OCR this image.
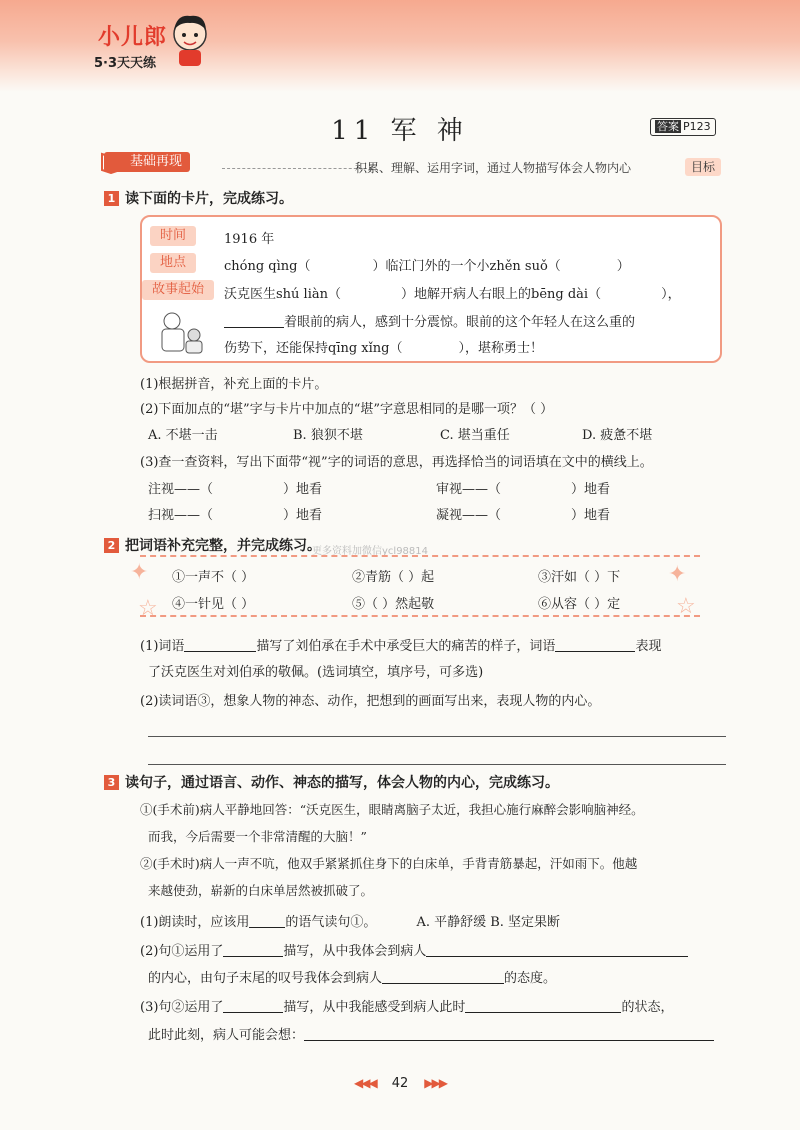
小儿郎
5·3天天练
11 军 神	答案 P123
基础再现	积累、理解、运用字词，通过人物描写体会人物内心	目标
1 读下面的卡片，完成练习。
时间	1916 年
地点	chóng qìng（	）临江门外的一个小zhěn suǒ（	）
故事起始	沃克医生shú liàn（	）地解开病人右眼上的bēng dài（	），
着眼前的病人，感到十分震惊。眼前的这个年轻人在这么重的
伤势下，还能保持qīng xǐng（	），堪称勇士！
(1)根据拼音，补充上面的卡片。
(2)下面加点的“堪”字与卡片中加点的“堪”字意思相同的是哪一项？（ ）
A. 不堪一击	B. 狼狈不堪	C. 堪当重任	D. 疲惫不堪
(3)查一查资料，写出下面带“视”字的词语的意思，再选择恰当的词语填在文中的横线上。
注视——（	）地看	审视——（	）地看
扫视——（	）地看	凝视——（	）地看
2 把词语补充完整，并完成练习。
更多资料加微信ycl98814
✦
☆
✦
☆
①一声不（ ）	②青筋（ ）起	③汗如（ ）下
④一针见（ ）	⑤（ ）然起敬	⑥从容（ ）定
(1)词语	描写了刘伯承在手术中承受巨大的痛苦的样子，词语	表现
了沃克医生对刘伯承的敬佩。(选词填空，填序号，可多选)
(2)读词语③，想象人物的神态、动作，把想到的画面写出来，表现人物的内心。
3 读句子，通过语言、动作、神态的描写，体会人物的内心，完成练习。
①(手术前)病人平静地回答：“沃克医生，眼睛离脑子太近，我担心施行麻醉会影响脑神经。
而我，今后需要一个非常清醒的大脑！”
②(手术时)病人一声不吭，他双手紧紧抓住身下的白床单，手背青筋暴起，汗如雨下。他越
来越使劲，崭新的白床单居然被抓破了。
(1)朗读时，应该用	的语气读句①。	A. 平静舒缓 B. 坚定果断
(2)句①运用了	描写，从中我体会到病人
的内心，由句子末尾的叹号我体会到病人	的态度。
(3)句②运用了	描写，从中我能感受到病人此时	的状态，
此时此刻，病人可能会想：
◀◀◀ 42 ▶▶▶
